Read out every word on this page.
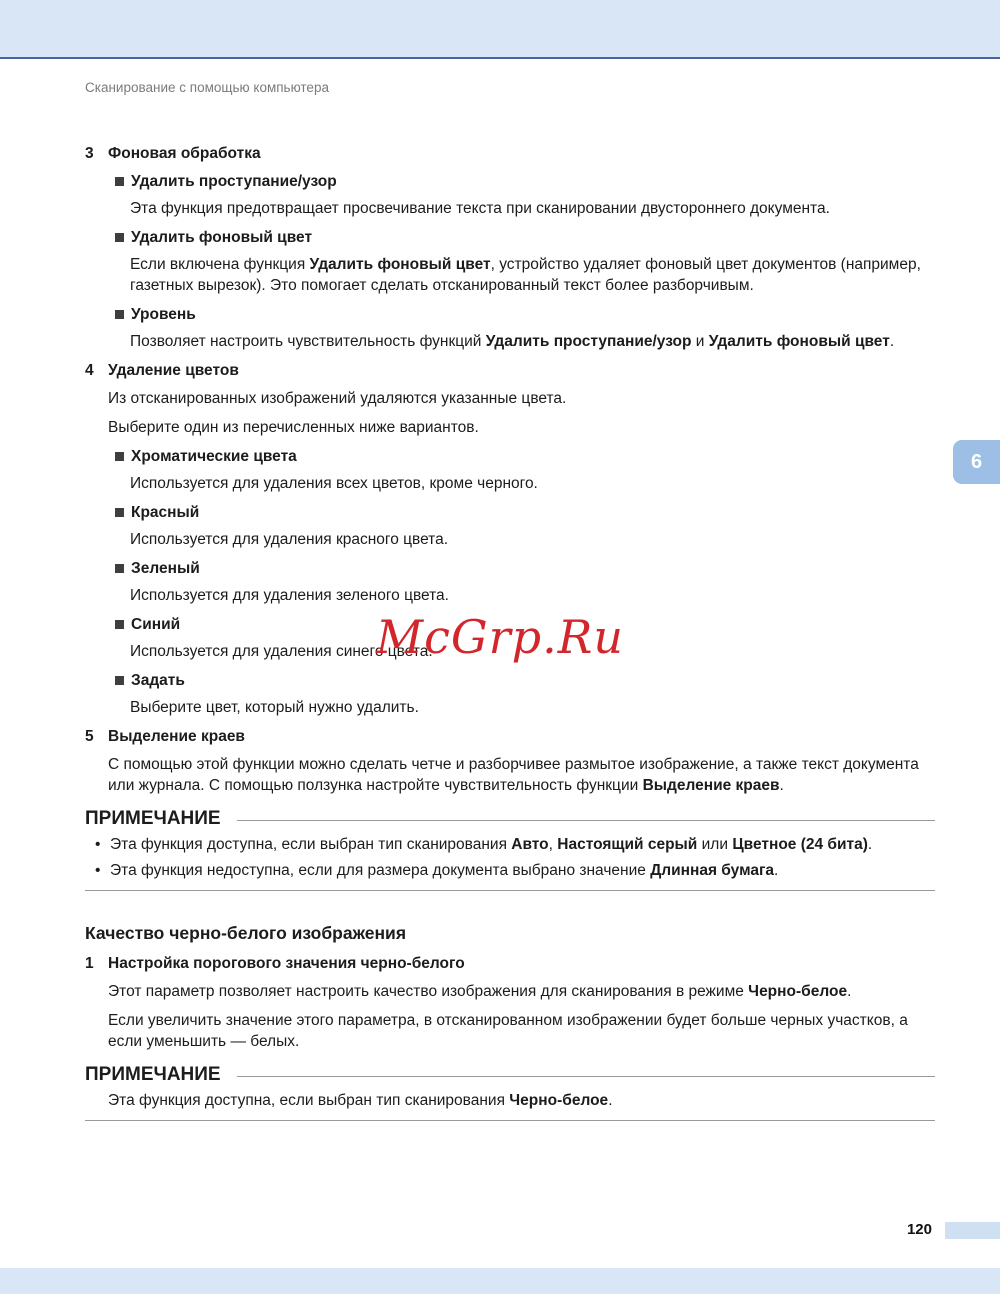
Сканирование с помощью компьютера
3 Фоновая обработка
Удалить проступание/узор
Эта функция предотвращает просвечивание текста при сканировании двустороннего документа.
Удалить фоновый цвет
Если включена функция Удалить фоновый цвет, устройство удаляет фоновый цвет документов (например, газетных вырезок). Это помогает сделать отсканированный текст более разборчивым.
Уровень
Позволяет настроить чувствительность функций Удалить проступание/узор и Удалить фоновый цвет.
4 Удаление цветов
Из отсканированных изображений удаляются указанные цвета.
Выберите один из перечисленных ниже вариантов.
Хроматические цвета
Используется для удаления всех цветов, кроме черного.
Красный
Используется для удаления красного цвета.
Зеленый
Используется для удаления зеленого цвета.
Синий
Используется для удаления синего цвета.
Задать
Выберите цвет, который нужно удалить.
5 Выделение краев
С помощью этой функции можно сделать четче и разборчивее размытое изображение, а также текст документа или журнала. С помощью ползунка настройте чувствительность функции Выделение краев.
ПРИМЕЧАНИЕ
• Эта функция доступна, если выбран тип сканирования Авто, Настоящий серый или Цветное (24 бита).
• Эта функция недоступна, если для размера документа выбрано значение Длинная бумага.
Качество черно-белого изображения
1 Настройка порогового значения черно-белого
Этот параметр позволяет настроить качество изображения для сканирования в режиме Черно-белое.
Если увеличить значение этого параметра, в отсканированном изображении будет больше черных участков, а если уменьшить — белых.
ПРИМЕЧАНИЕ
Эта функция доступна, если выбран тип сканирования Черно-белое.
McGrp.Ru
6
120
